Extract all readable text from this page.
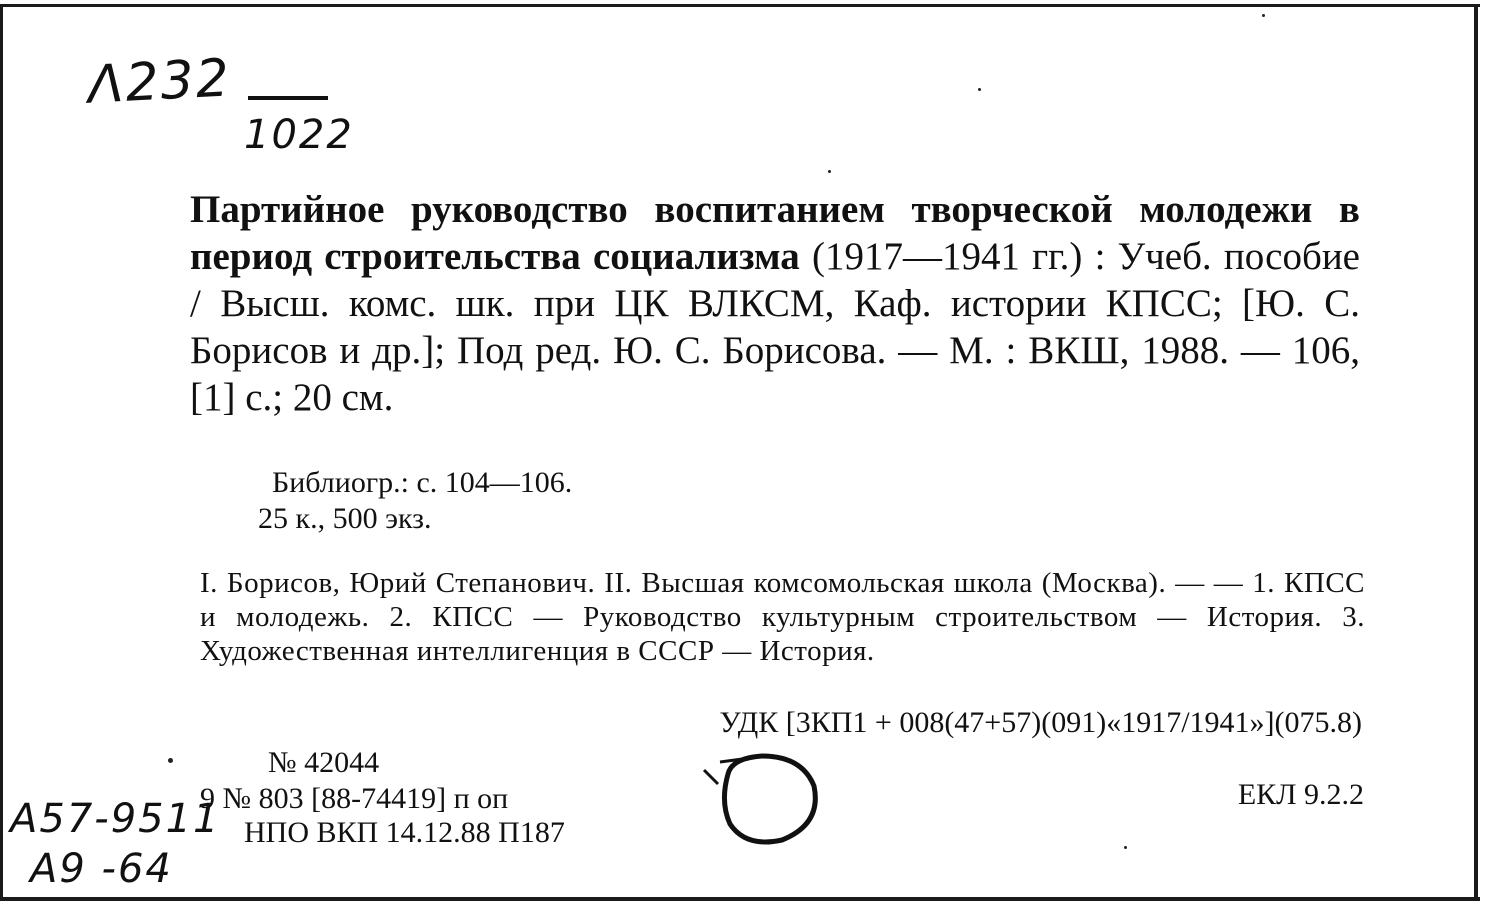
Λ232
1022
Партийное руководство воспитанием творческой молодежи в период строительства социализма (1917—1941 гг.) : Учеб. пособие / Высш. комс. шк. при ЦК ВЛКСМ, Каф. истории КПСС; [Ю. С. Борисов и др.]; Под ред. Ю. С. Борисова. — М. : ВКШ, 1988. — 106,[1] с.; 20 см.
Библиогр.: с. 104—106.
25 к., 500 экз.
I. Борисов, Юрий Степанович. II. Высшая комсомольская школа (Москва). — — 1. КПСС и молодежь. 2. КПСС — Руководство культурным строительством — История. 3. Художественная интеллигенция в СССР — История.
УДК [3КП1 + 008(47+57)(091)«1917/1941»](075.8)
№ 42044
9 № 803 [88-74419] п оп
НПО ВКП 14.12.88 П187
ЕКЛ 9.2.2
А57-9511
А9 -64
